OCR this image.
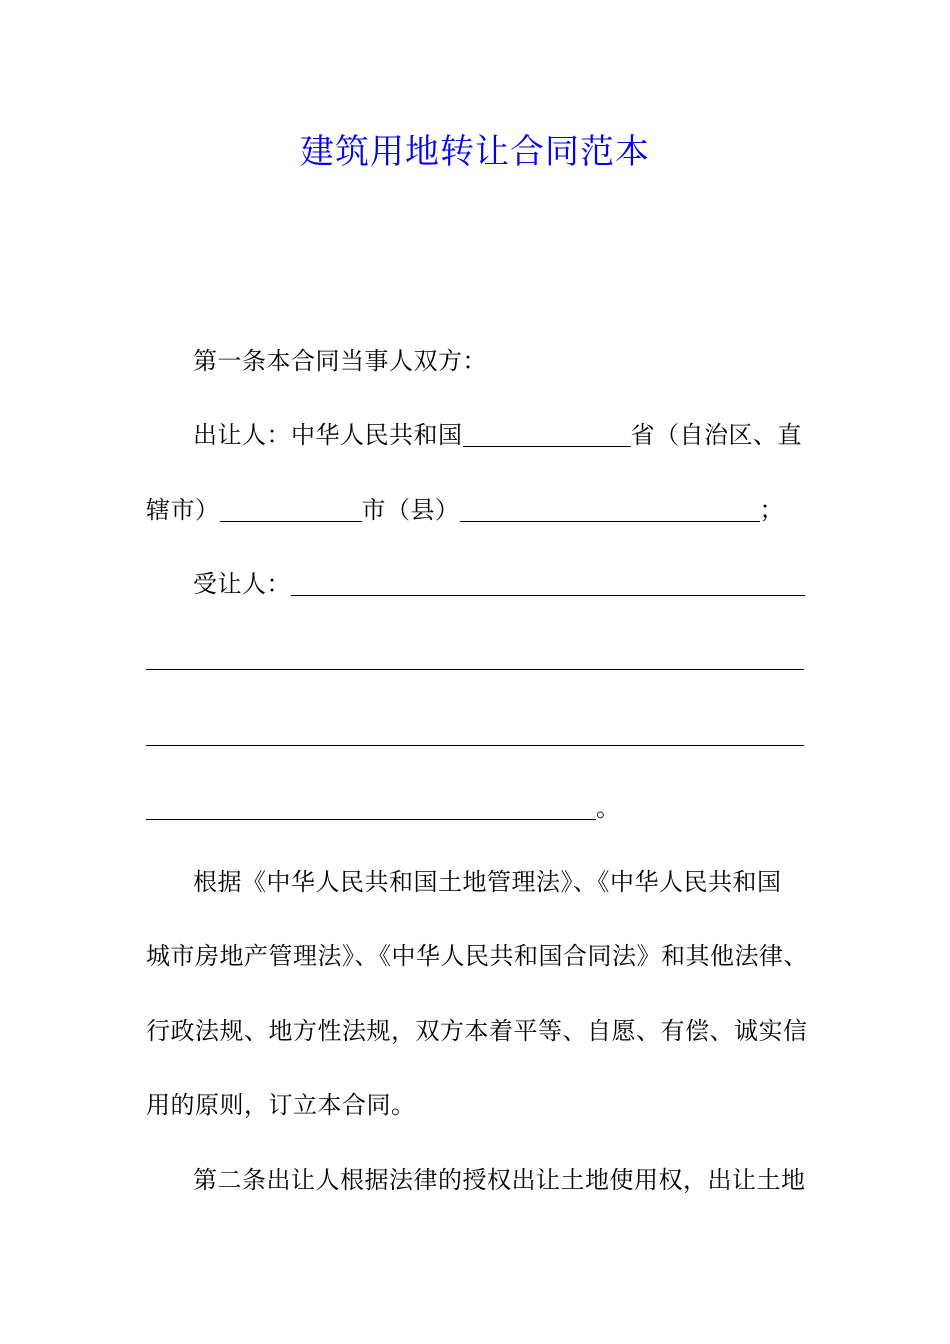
建筑用地转让合同范本
第一条本合同当事人双方：
出让人：中华人民共和国	省（自治区、直
辖市）	市（县）	；
受让人：
。
根据《中华人民共和国土地管理法》、《中华人民共和国
城市房地产管理法》、《中华人民共和国合同法》和其他法律、
行政法规、地方性法规，双方本着平等、自愿、有偿、诚实信
用的原则，订立本合同。
第二条出让人根据法律的授权出让土地使用权，出让土地
